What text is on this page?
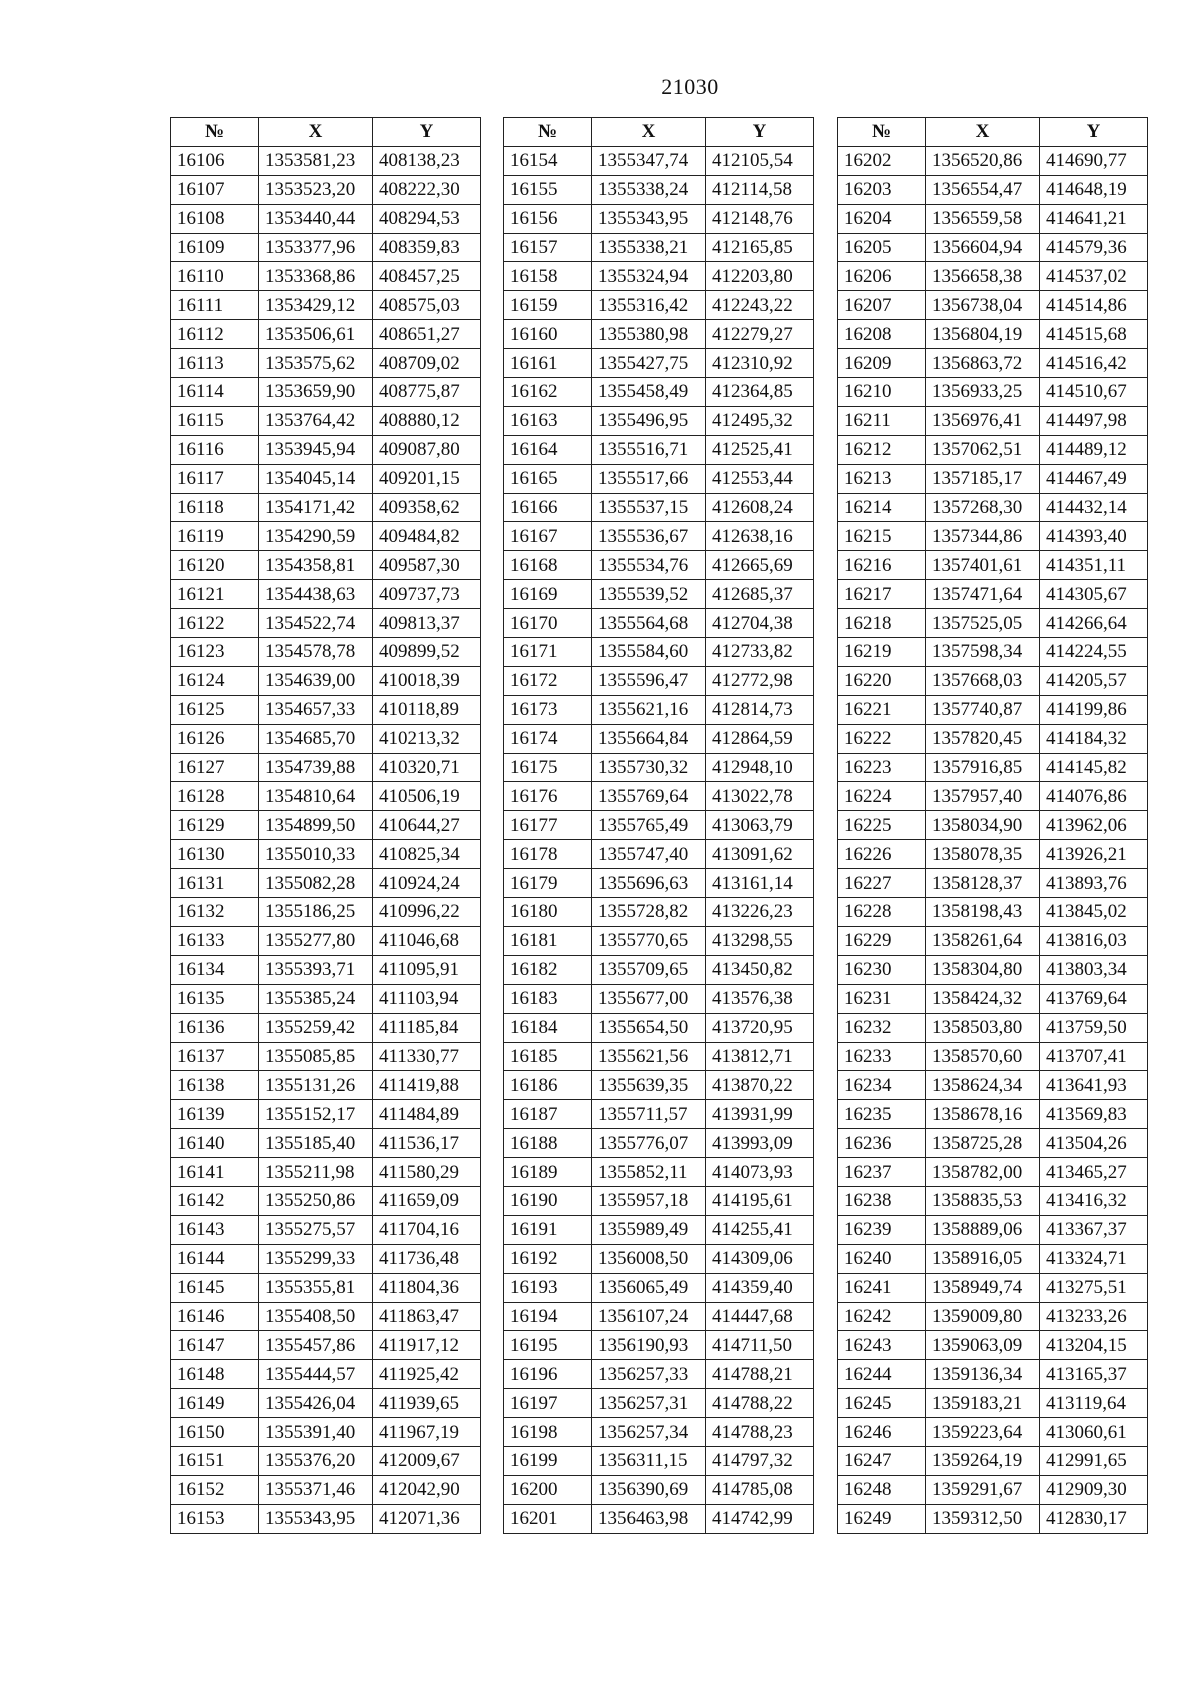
21030
№	X	Y
16106	1353581,23	408138,23
16107	1353523,20	408222,30
16108	1353440,44	408294,53
16109	1353377,96	408359,83
16110	1353368,86	408457,25
16111	1353429,12	408575,03
16112	1353506,61	408651,27
16113	1353575,62	408709,02
16114	1353659,90	408775,87
16115	1353764,42	408880,12
16116	1353945,94	409087,80
16117	1354045,14	409201,15
16118	1354171,42	409358,62
16119	1354290,59	409484,82
16120	1354358,81	409587,30
16121	1354438,63	409737,73
16122	1354522,74	409813,37
16123	1354578,78	409899,52
16124	1354639,00	410018,39
16125	1354657,33	410118,89
16126	1354685,70	410213,32
16127	1354739,88	410320,71
16128	1354810,64	410506,19
16129	1354899,50	410644,27
16130	1355010,33	410825,34
16131	1355082,28	410924,24
16132	1355186,25	410996,22
16133	1355277,80	411046,68
16134	1355393,71	411095,91
16135	1355385,24	411103,94
16136	1355259,42	411185,84
16137	1355085,85	411330,77
16138	1355131,26	411419,88
16139	1355152,17	411484,89
16140	1355185,40	411536,17
16141	1355211,98	411580,29
16142	1355250,86	411659,09
16143	1355275,57	411704,16
16144	1355299,33	411736,48
16145	1355355,81	411804,36
16146	1355408,50	411863,47
16147	1355457,86	411917,12
16148	1355444,57	411925,42
16149	1355426,04	411939,65
16150	1355391,40	411967,19
16151	1355376,20	412009,67
16152	1355371,46	412042,90
16153	1355343,95	412071,36
№	X	Y
16154	1355347,74	412105,54
16155	1355338,24	412114,58
16156	1355343,95	412148,76
16157	1355338,21	412165,85
16158	1355324,94	412203,80
16159	1355316,42	412243,22
16160	1355380,98	412279,27
16161	1355427,75	412310,92
16162	1355458,49	412364,85
16163	1355496,95	412495,32
16164	1355516,71	412525,41
16165	1355517,66	412553,44
16166	1355537,15	412608,24
16167	1355536,67	412638,16
16168	1355534,76	412665,69
16169	1355539,52	412685,37
16170	1355564,68	412704,38
16171	1355584,60	412733,82
16172	1355596,47	412772,98
16173	1355621,16	412814,73
16174	1355664,84	412864,59
16175	1355730,32	412948,10
16176	1355769,64	413022,78
16177	1355765,49	413063,79
16178	1355747,40	413091,62
16179	1355696,63	413161,14
16180	1355728,82	413226,23
16181	1355770,65	413298,55
16182	1355709,65	413450,82
16183	1355677,00	413576,38
16184	1355654,50	413720,95
16185	1355621,56	413812,71
16186	1355639,35	413870,22
16187	1355711,57	413931,99
16188	1355776,07	413993,09
16189	1355852,11	414073,93
16190	1355957,18	414195,61
16191	1355989,49	414255,41
16192	1356008,50	414309,06
16193	1356065,49	414359,40
16194	1356107,24	414447,68
16195	1356190,93	414711,50
16196	1356257,33	414788,21
16197	1356257,31	414788,22
16198	1356257,34	414788,23
16199	1356311,15	414797,32
16200	1356390,69	414785,08
16201	1356463,98	414742,99
№	X	Y
16202	1356520,86	414690,77
16203	1356554,47	414648,19
16204	1356559,58	414641,21
16205	1356604,94	414579,36
16206	1356658,38	414537,02
16207	1356738,04	414514,86
16208	1356804,19	414515,68
16209	1356863,72	414516,42
16210	1356933,25	414510,67
16211	1356976,41	414497,98
16212	1357062,51	414489,12
16213	1357185,17	414467,49
16214	1357268,30	414432,14
16215	1357344,86	414393,40
16216	1357401,61	414351,11
16217	1357471,64	414305,67
16218	1357525,05	414266,64
16219	1357598,34	414224,55
16220	1357668,03	414205,57
16221	1357740,87	414199,86
16222	1357820,45	414184,32
16223	1357916,85	414145,82
16224	1357957,40	414076,86
16225	1358034,90	413962,06
16226	1358078,35	413926,21
16227	1358128,37	413893,76
16228	1358198,43	413845,02
16229	1358261,64	413816,03
16230	1358304,80	413803,34
16231	1358424,32	413769,64
16232	1358503,80	413759,50
16233	1358570,60	413707,41
16234	1358624,34	413641,93
16235	1358678,16	413569,83
16236	1358725,28	413504,26
16237	1358782,00	413465,27
16238	1358835,53	413416,32
16239	1358889,06	413367,37
16240	1358916,05	413324,71
16241	1358949,74	413275,51
16242	1359009,80	413233,26
16243	1359063,09	413204,15
16244	1359136,34	413165,37
16245	1359183,21	413119,64
16246	1359223,64	413060,61
16247	1359264,19	412991,65
16248	1359291,67	412909,30
16249	1359312,50	412830,17
